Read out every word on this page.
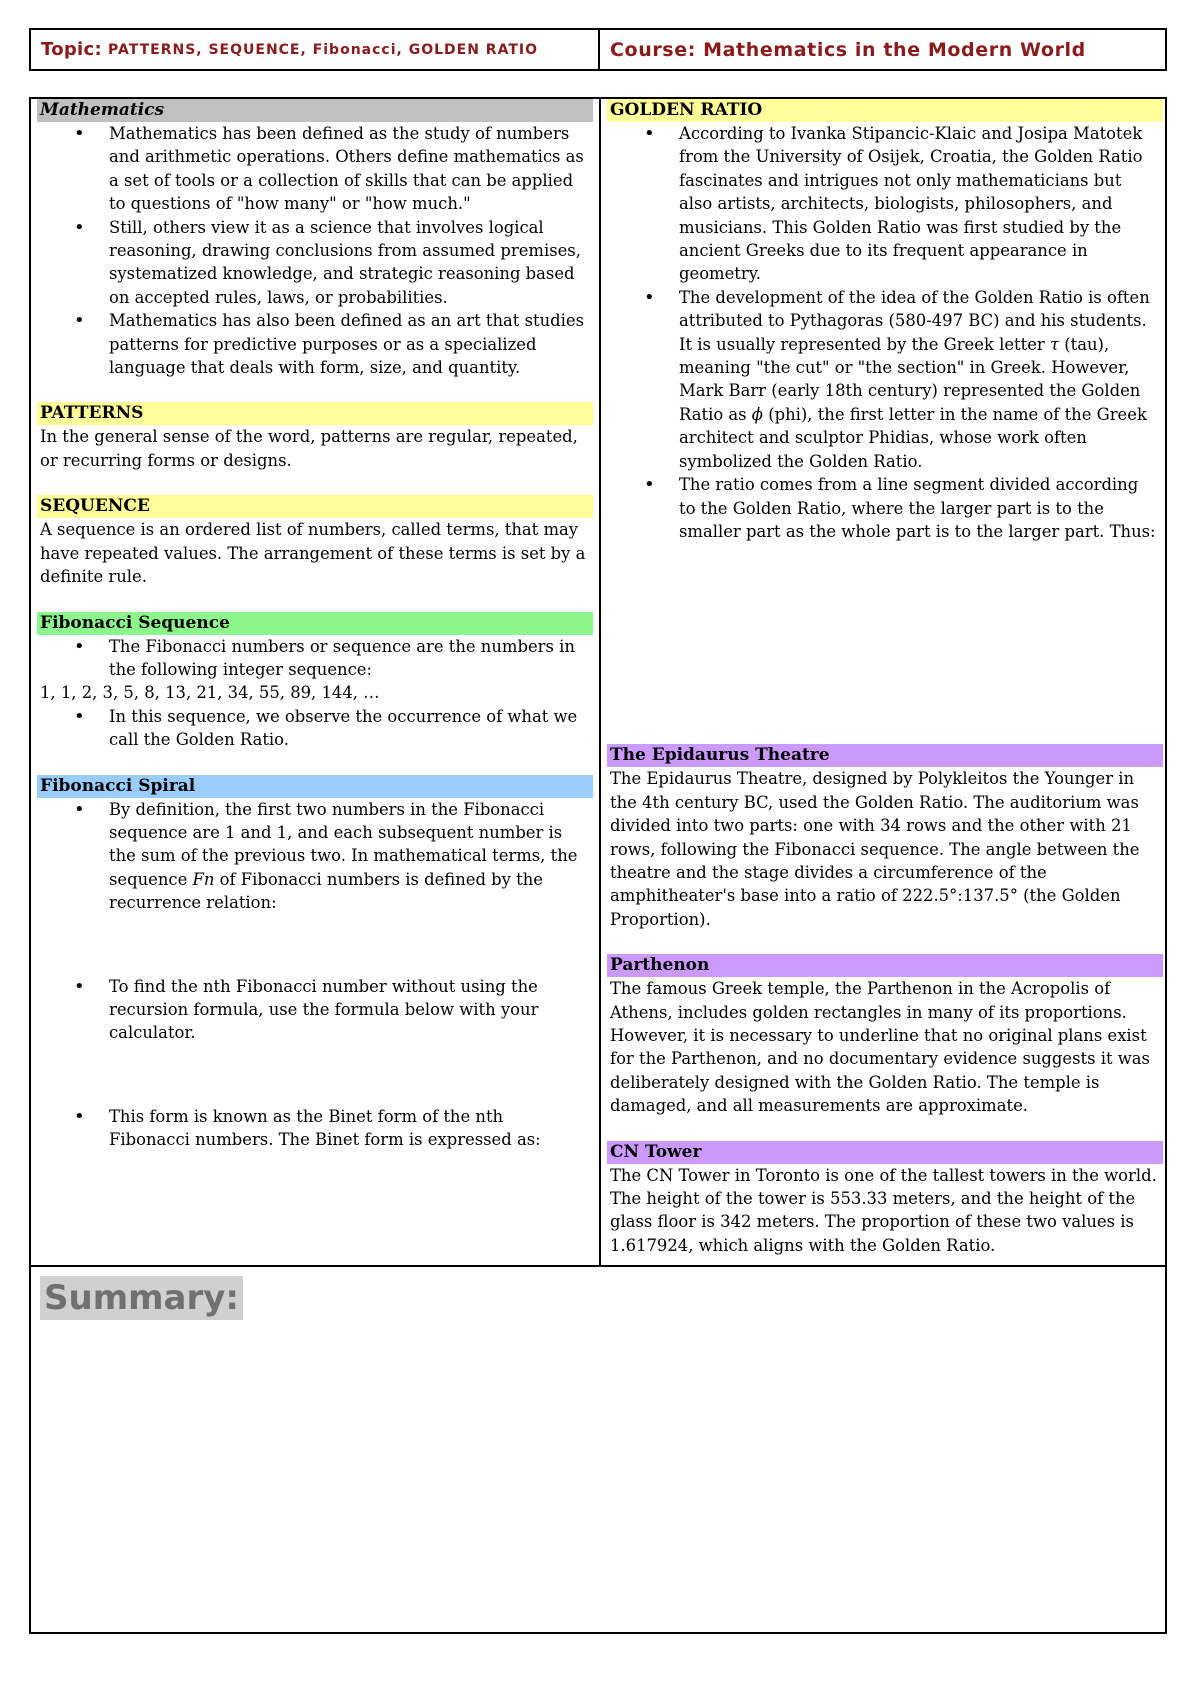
Topic: PATTERNS, SEQUENCE, Fibonacci, GOLDEN RATIO	Course: Mathematics in the Modern World
Mathematics
• Mathematics has been defined as the study of numbers and arithmetic operations. Others define mathematics as a set of tools or a collection of skills that can be applied to questions of "how many" or "how much."
• Still, others view it as a science that involves logical reasoning, drawing conclusions from assumed premises, systematized knowledge, and strategic reasoning based on accepted rules, laws, or probabilities.
• Mathematics has also been defined as an art that studies patterns for predictive purposes or as a specialized language that deals with form, size, and quantity.
PATTERNS

In the general sense of the word, patterns are regular, repeated, or recurring forms or designs.

SEQUENCE

A sequence is an ordered list of numbers, called terms, that may have repeated values. The arrangement of these terms is set by a definite rule.

Fibonacci Sequence
• The Fibonacci numbers or sequence are the numbers in the following integer sequence:

1, 1, 2, 3, 5, 8, 13, 21, 34, 55, 89, 144, …

• In this sequence, we observe the occurrence of what we call the Golden Ratio.
Fibonacci Spiral
• By definition, the first two numbers in the Fibonacci sequence are 1 and 1, and each subsequent number is the sum of the previous two. In mathematical terms, the sequence Fn of Fibonacci numbers is defined by the recurrence relation:
• To find the nth Fibonacci number without using the recursion formula, use the formula below with your calculator.
• This form is known as the Binet form of the nth Fibonacci numbers. The Binet form is expressed as:
GOLDEN RATIO
• According to Ivanka Stipancic-Klaic and Josipa Matotek from the University of Osijek, Croatia, the Golden Ratio fascinates and intrigues not only mathematicians but also artists, architects, biologists, philosophers, and musicians. This Golden Ratio was first studied by the ancient Greeks due to its frequent appearance in geometry.
• The development of the idea of the Golden Ratio is often attributed to Pythagoras (580-497 BC) and his students. It is usually represented by the Greek letter τ (tau), meaning "the cut" or "the section" in Greek. However, Mark Barr (early 18th century) represented the Golden Ratio as ϕ (phi), the first letter in the name of the Greek architect and sculptor Phidias, whose work often symbolized the Golden Ratio.
• The ratio comes from a line segment divided according to the Golden Ratio, where the larger part is to the smaller part as the whole part is to the larger part. Thus:
The Epidaurus Theatre

The Epidaurus Theatre, designed by Polykleitos the Younger in the 4th century BC, used the Golden Ratio. The auditorium was divided into two parts: one with 34 rows and the other with 21 rows, following the Fibonacci sequence. The angle between the theatre and the stage divides a circumference of the amphitheater's base into a ratio of 222.5°:137.5° (the Golden Proportion).

Parthenon

The famous Greek temple, the Parthenon in the Acropolis of Athens, includes golden rectangles in many of its proportions. However, it is necessary to underline that no original plans exist for the Parthenon, and no documentary evidence suggests it was deliberately designed with the Golden Ratio. The temple is damaged, and all measurements are approximate.

CN Tower

The CN Tower in Toronto is one of the tallest towers in the world. The height of the tower is 553.33 meters, and the height of the glass floor is 342 meters. The proportion of these two values is 1.617924, which aligns with the Golden Ratio.

Summary:
